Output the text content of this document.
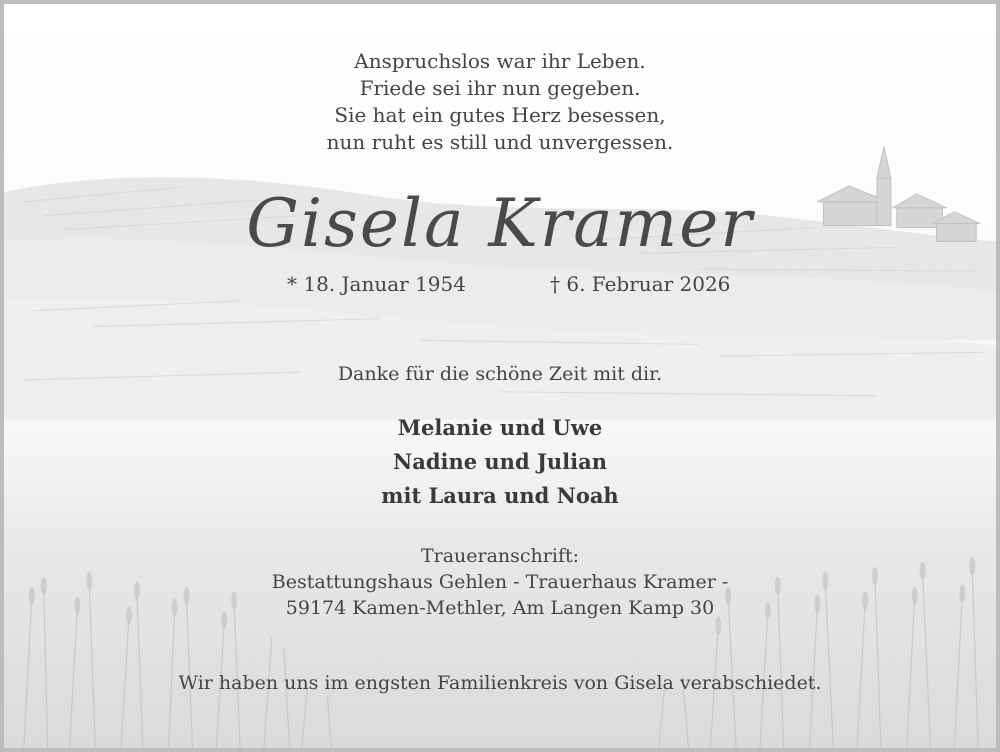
Anspruchslos war ihr Leben.
Friede sei ihr nun gegeben.
Sie hat ein gutes Herz besessen,
nun ruht es still und unvergessen.
Gisela Kramer
* 18. Januar 1954	† 6. Februar 2026
Danke für die schöne Zeit mit dir.
Melanie und Uwe
Nadine und Julian
mit Laura und Noah
Traueranschrift:
Bestattungshaus Gehlen - Trauerhaus Kramer -
59174 Kamen-Methler, Am Langen Kamp 30
Wir haben uns im engsten Familienkreis von Gisela verabschiedet.
